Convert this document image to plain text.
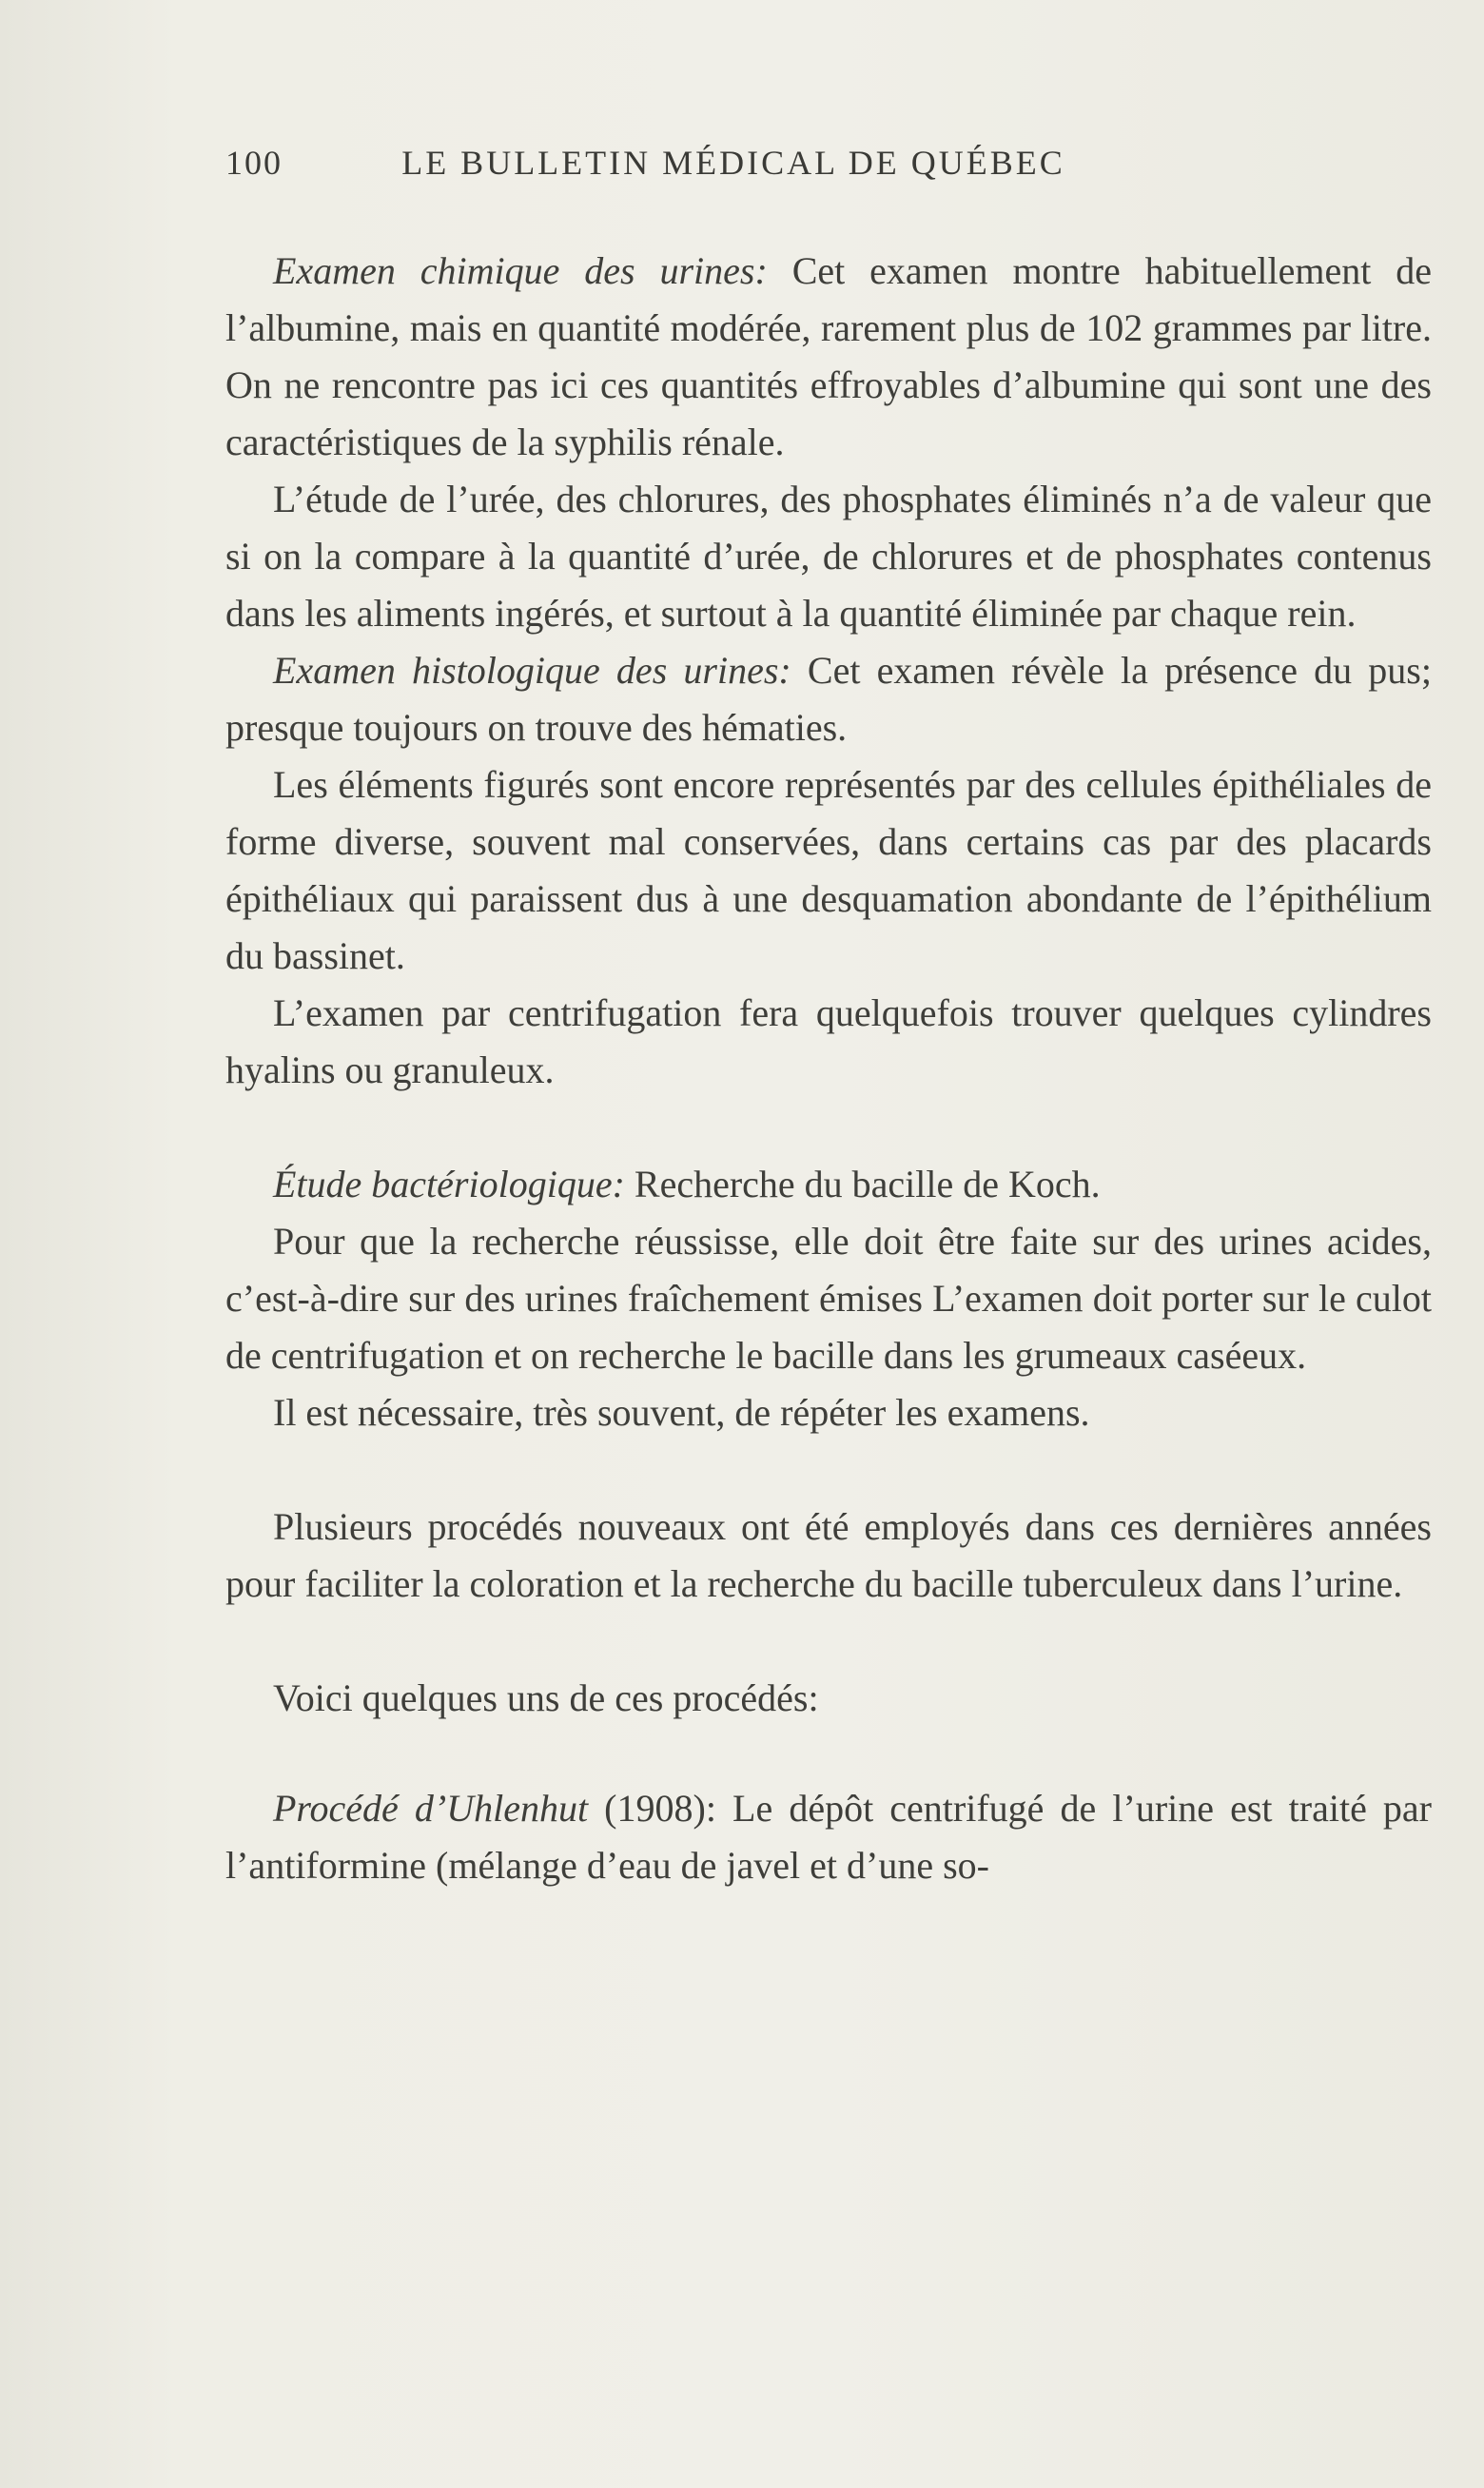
100	LE BULLETIN MÉDICAL DE QUÉBEC

Examen chimique des urines: Cet examen montre habituellement de l’albumine, mais en quantité modérée, rarement plus de 102 grammes par litre. On ne rencontre pas ici ces quantités effroyables d’albumine qui sont une des caractéristiques de la syphilis rénale.

L’étude de l’urée, des chlorures, des phosphates éliminés n’a de valeur que si on la compare à la quantité d’urée, de chlorures et de phosphates contenus dans les aliments ingérés, et surtout à la quantité éliminée par chaque rein.

Examen histologique des urines: Cet examen révèle la présence du pus; presque toujours on trouve des hématies.

Les éléments figurés sont encore représentés par des cellules épithéliales de forme diverse, souvent mal conservées, dans certains cas par des placards épithéliaux qui paraissent dus à une desquamation abondante de l’épithélium du bassinet.

L’examen par centrifugation fera quelquefois trouver quelques cylindres hyalins ou granuleux.

Étude bactériologique: Recherche du bacille de Koch.

Pour que la recherche réussisse, elle doit être faite sur des urines acides, c’est-à-dire sur des urines fraîchement émises L’examen doit porter sur le culot de centrifugation et on recherche le bacille dans les grumeaux caséeux.

Il est nécessaire, très souvent, de répéter les examens.

Plusieurs procédés nouveaux ont été employés dans ces dernières années pour faciliter la coloration et la recherche du bacille tuberculeux dans l’urine.

Voici quelques uns de ces procédés:

Procédé d’Uhlenhut (1908): Le dépôt centrifugé de l’urine est traité par l’antiformine (mélange d’eau de javel et d’une so-
